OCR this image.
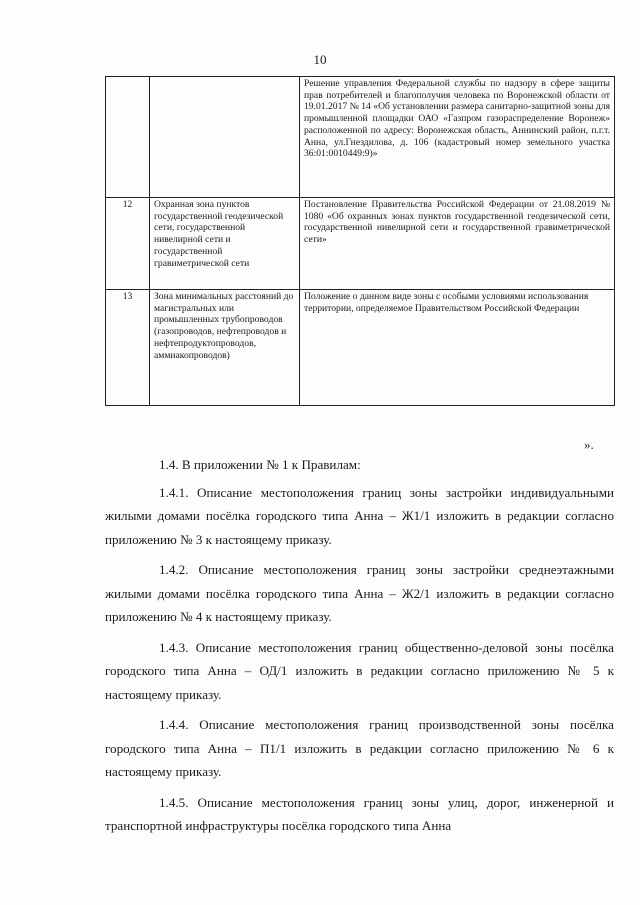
10
		Решение управления Федеральной службы по надзору в сфере защиты прав потребителей и благополучия человека по Воронежской области от 19.01.2017 № 14 «Об установлении размера санитарно-защитной зоны для промышленной площадки ОАО «Газпром газораспределение Воронеж» расположенной по адресу: Воронежская область, Аннинский район, п.г.т. Анна, ул.Гнездилова, д. 106 (кадастровый номер земельного участка 36:01:0010449:9)»
12	Охранная зона пунктов государственной геодезической сети, государственной нивелирной сети и государственной гравиметрической сети	Постановление Правительства Российской Федерации от 21.08.2019 № 1080 «Об охранных зонах пунктов государственной геодезической сети, государственной нивелирной сети и государственной гравиметрической сети»
13	Зона минимальных расстояний до магистральных или промышленных трубопроводов (газопроводов, нефтепроводов и нефтепродуктопроводов, аммиакопроводов)	Положение о данном виде зоны с особыми условиями использования территории, определяемое Правительством Российской Федерации
».

1.4. В приложении № 1 к Правилам:

1.4.1. Описание местоположения границ зоны застройки индивидуальными жилыми домами посёлка городского типа Анна – Ж1/1 изложить в редакции согласно приложению № 3 к настоящему приказу.

1.4.2. Описание местоположения границ зоны застройки среднеэтажными жилыми домами посёлка городского типа Анна – Ж2/1 изложить в редакции согласно приложению № 4 к настоящему приказу.

1.4.3. Описание местоположения границ общественно-деловой зоны посёлка городского типа Анна – ОД/1 изложить в редакции согласно приложению № 5 к настоящему приказу.

1.4.4. Описание местоположения границ производственной зоны посёлка городского типа Анна – П1/1 изложить в редакции согласно приложению № 6 к настоящему приказу.

1.4.5. Описание местоположения границ зоны улиц, дорог, инженерной и транспортной инфраструктуры посёлка городского типа Анна
